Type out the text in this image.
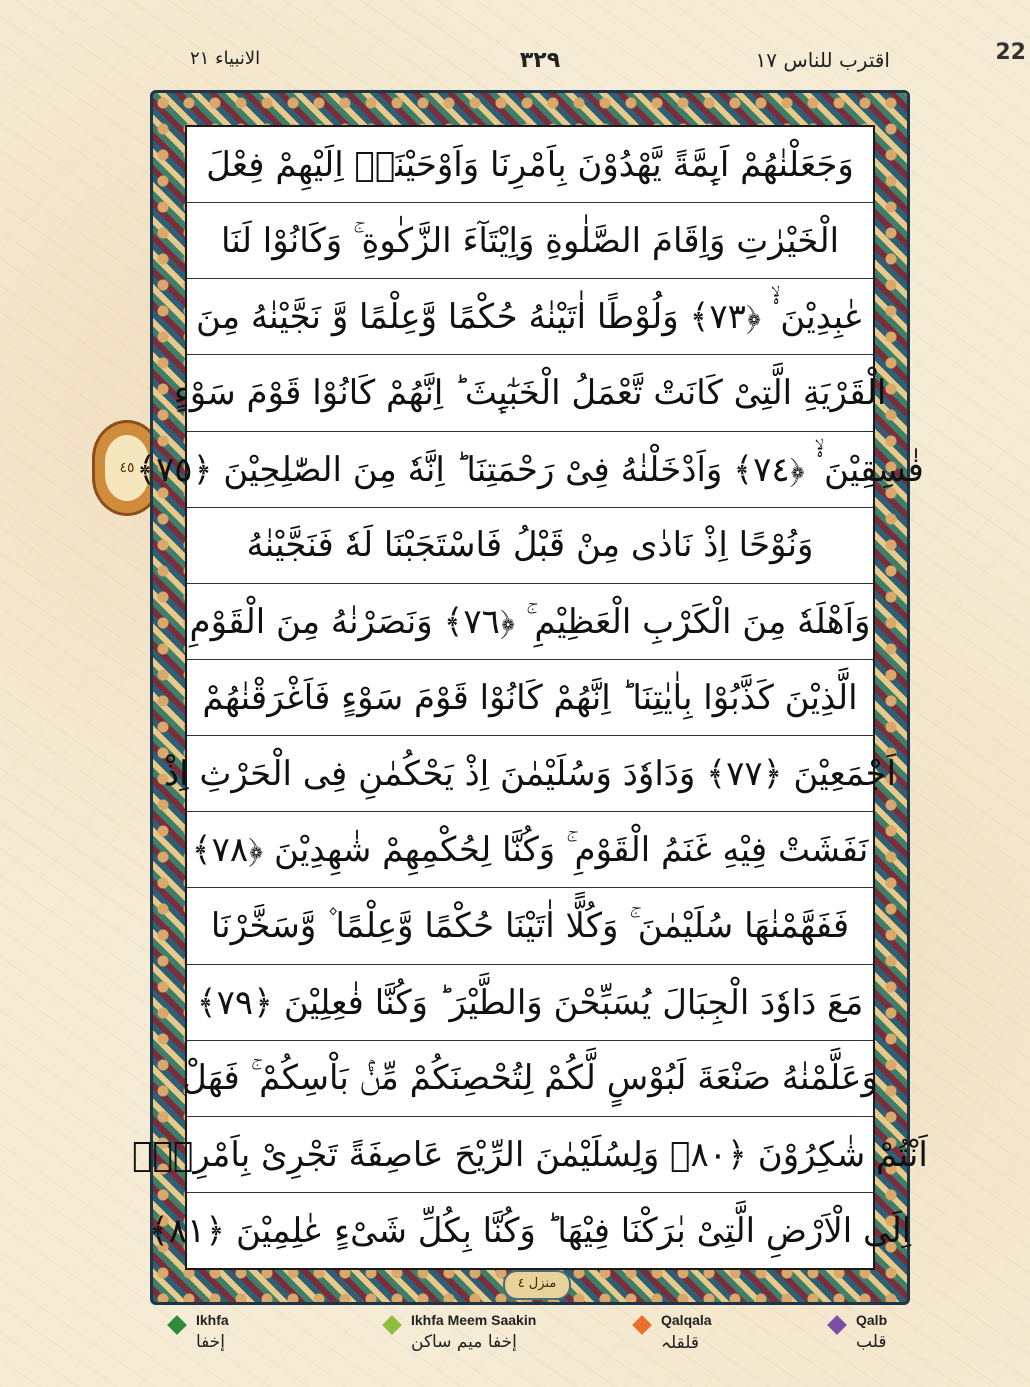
الانبياء ٢١	٣٢٩	اقترب للناس ١٧	22
٤٥
وَجَعَلْنٰهُمْ اَىِٕمَّةً يَّهْدُوْنَ بِاَمْرِنَا وَاَوْحَيْنَاۤ اِلَيْهِمْ فِعْلَ
الْخَيْرٰتِ وَاِقَامَ الصَّلٰوةِ وَاِيْتَآءَ الزَّكٰوةِ ۚ وَكَانُوْا لَنَا
عٰبِدِيْنَ ۟ۙ ﴿٧٣﴾ وَلُوْطًا اٰتَيْنٰهُ حُكْمًا وَّعِلْمًا وَّ نَجَّيْنٰهُ مِنَ
الْقَرْيَةِ الَّتِىْ كَانَتْ تَّعْمَلُ الْخَبٰٓىِٕثَ ؕ اِنَّهُمْ كَانُوْا قَوْمَ سَوْءٍ
فٰسِقِيْنَ ۟ۙ ﴿٧٤﴾ وَاَدْخَلْنٰهُ فِىْ رَحْمَتِنَا ؕ اِنَّهٗ مِنَ الصّٰلِحِيْنَ ﴿٧٥﴾
وَنُوْحًا اِذْ نَادٰى مِنْ قَبْلُ فَاسْتَجَبْنَا لَهٗ فَنَجَّيْنٰهُ
وَاَهْلَهٗ مِنَ الْكَرْبِ الْعَظِيْمِ ۚ ﴿٧٦﴾ وَنَصَرْنٰهُ مِنَ الْقَوْمِ
الَّذِيْنَ كَذَّبُوْا بِاٰيٰتِنَا ؕ اِنَّهُمْ كَانُوْا قَوْمَ سَوْءٍ فَاَغْرَقْنٰهُمْ
اَجْمَعِيْنَ ﴿٧٧﴾ وَدَاوٗدَ وَسُلَيْمٰنَ اِذْ يَحْكُمٰنِ فِى الْحَرْثِ اِذْ
نَفَشَتْ فِيْهِ غَنَمُ الْقَوْمِ ۚ وَكُنَّا لِحُكْمِهِمْ شٰهِدِيْنَ ﴿٧٨﴾
فَفَهَّمْنٰهَا سُلَيْمٰنَ ۚ وَكُلًّا اٰتَيْنَا حُكْمًا وَّعِلْمًا ۫ وَّسَخَّرْنَا
مَعَ دَاوٗدَ الْجِبَالَ يُسَبِّحْنَ وَالطَّيْرَ ؕ وَكُنَّا فٰعِلِيْنَ ﴿٧٩﴾
وَعَلَّمْنٰهُ صَنْعَةَ لَبُوْسٍ لَّكُمْ لِتُحْصِنَكُمْ مِّنْۢ بَاْسِكُمْ ۚ فَهَلْ
اَنْتُمْ شٰكِرُوْنَ ﴿٨٠﴾ وَلِسُلَيْمٰنَ الرِّيْحَ عَاصِفَةً تَجْرِىْ بِاَمْرِهٖۤ
اِلَى الْاَرْضِ الَّتِىْ بٰرَكْنَا فِيْهَا ؕ وَكُنَّا بِكُلِّ شَىْءٍ عٰلِمِيْنَ ﴿٨١﴾
منزل ٤
Ikhfa
إخفا
Ikhfa Meem Saakin
إخفا میم ساکن
Qalqala
قلقلہ
Qalb
قلب
